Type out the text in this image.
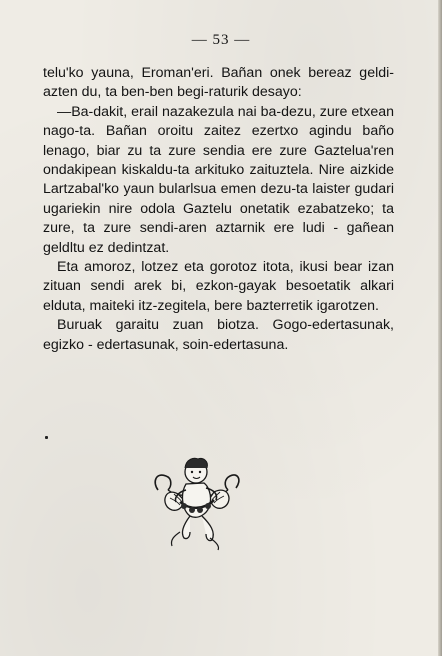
— 53 —

telu'ko yauna, Eroman'eri. Bañan onek bereaz geldi-azten du, ta ben-ben begi-raturik desayo:

—Ba-dakit, erail nazakezula nai ba-dezu, zure etxean nago-ta. Bañan oroitu zaitez ezertxo agindu baño lenago, biar zu ta zure sendia ere zure Gaztelua'ren ondakipean kiskaldu-ta arkituko zaituztela. Nire aizkide Lartzabal'ko yaun bularlsua emen dezu-ta laister gudari ugariekin nire odola Gaztelu onetatik ezabatzeko; ta zure, ta zure sendi-aren aztarnik ere ludi - gañean geldltu ez dedintzat.

Eta amoroz, lotzez eta gorotoz itota, ikusi bear izan zituan sendi arek bi, ezkon-gayak besoetatik alkari elduta, maiteki itz-zegitela, bere bazterretik igarotzen.

Buruak garaitu zuan biotza. Gogo-edertasunak, egizko - edertasunak, soin-edertasuna.
